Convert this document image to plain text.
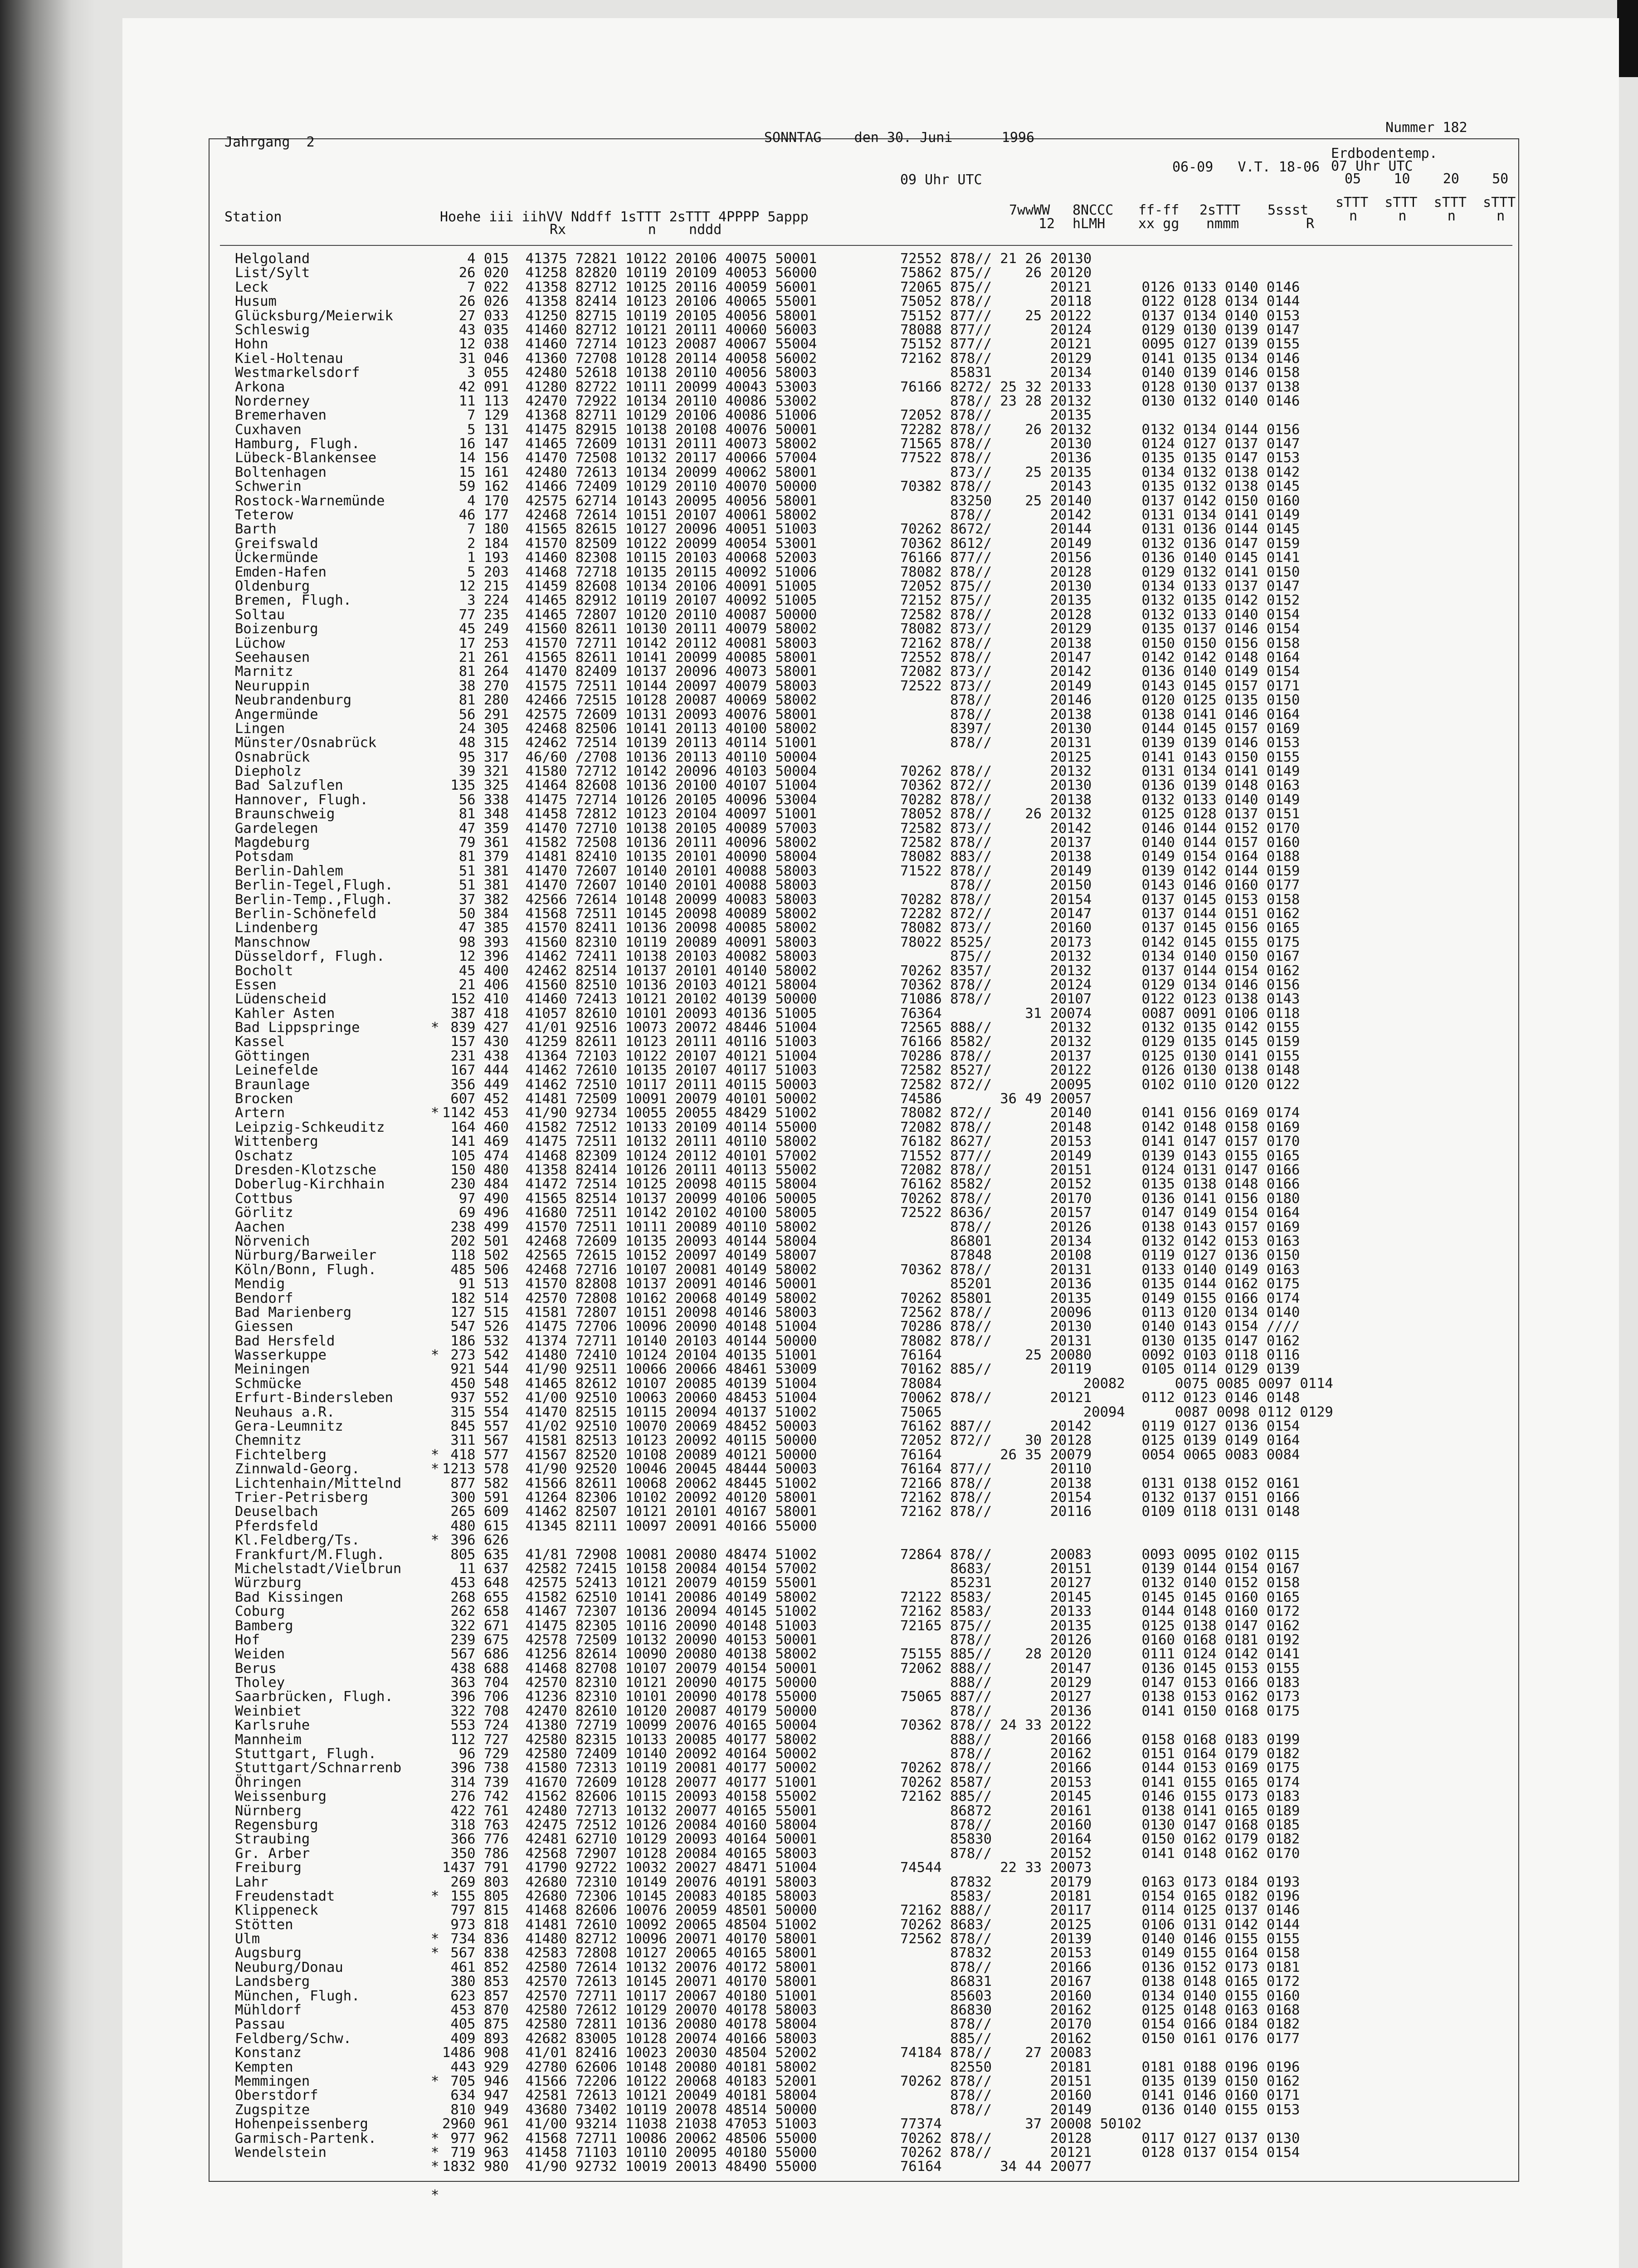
Jahrgang  2	SONNTAG    den 30. Juni      1996
Nummer 182
Erdbodentemp.
06-09   V.T. 18-06 07 Uhr UTC
05    10    20    50
09 Uhr UTC
Station	Hoehe iii iihVV Nddff 1sTTT 2sTTT 4PPPP 5appp
Rx          n    nddd
7wwWW
12
8NCCC
hLMH
ff-ff
xx gg
2sTTT
nmmm
5ssst
R
sTTT  sTTT  sTTT  sTTT
n     n     n     n
Helgoland
List/Sylt
Leck
Husum
Glücksburg/Meierwik
Schleswig
Hohn
Kiel-Holtenau
Westmarkelsdorf
Arkona
Norderney
Bremerhaven
Cuxhaven
Hamburg, Flugh.
Lübeck-Blankensee
Boltenhagen
Schwerin
Rostock-Warnemünde
Teterow
Barth
Greifswald
Ückermünde
Emden-Hafen
Oldenburg
Bremen, Flugh.
Soltau
Boizenburg
Lüchow
Seehausen
Marnitz
Neuruppin
Neubrandenburg
Angermünde
Lingen
Münster/Osnabrück
Osnabrück
Diepholz
Bad Salzuflen
Hannover, Flugh.
Braunschweig
Gardelegen
Magdeburg
Potsdam
Berlin-Dahlem
Berlin-Tegel,Flugh.
Berlin-Temp.,Flugh.
Berlin-Schönefeld
Lindenberg
Manschnow
Düsseldorf, Flugh.
Bocholt
Essen
Lüdenscheid
Kahler Asten
Bad Lippspringe
Kassel
Göttingen
Leinefelde
Braunlage
Brocken
Artern
Leipzig-Schkeuditz
Wittenberg
Oschatz
Dresden-Klotzsche
Doberlug-Kirchhain
Cottbus
Görlitz
Aachen
Nörvenich
Nürburg/Barweiler
Köln/Bonn, Flugh.
Mendig
Bendorf
Bad Marienberg
Giessen
Bad Hersfeld
Wasserkuppe
Meiningen
Schmücke
Erfurt-Bindersleben
Neuhaus a.R.
Gera-Leumnitz
Chemnitz
Fichtelberg
Zinnwald-Georg.
Lichtenhain/Mittelnd
Trier-Petrisberg
Deuselbach
Pferdsfeld
Kl.Feldberg/Ts.
Frankfurt/M.Flugh.
Michelstadt/Vielbrun
Würzburg
Bad Kissingen
Coburg
Bamberg
Hof
Weiden
Berus
Tholey
Saarbrücken, Flugh.
Weinbiet
Karlsruhe
Mannheim
Stuttgart, Flugh.
Stuttgart/Schnarrenb
Öhringen
Weissenburg
Nürnberg
Regensburg
Straubing
Gr. Arber
Freiburg
Lahr
Freudenstadt
Klippeneck
Stötten
Ulm
Augsburg
Neuburg/Donau
Landsberg
München, Flugh.
Mühldorf
Passau
Feldberg/Schw.
Konstanz
Kempten
Memmingen
Oberstdorf
Zugspitze
Hohenpeissenberg
Garmisch-Partenk.
Wendelstein
*
*
*
*
*
*
*
*
*
*
*
*
*
*
4 015  41375 72821 10122 20106 40075 50001          72552 878// 21 26 20130
26 020  41258 82820 10119 20109 40053 56000          75862 875//    26 20120
7 022  41358 82712 10125 20116 40059 56001          72065 875//       20121      0126 0133 0140 0146
26 026  41358 82414 10123 20106 40065 55001          75052 878//       20118      0122 0128 0134 0144
27 033  41250 82715 10119 20105 40056 58001          75152 877//    25 20122      0137 0134 0140 0153
43 035  41460 82712 10121 20111 40060 56003          78088 877//       20124      0129 0130 0139 0147
12 038  41460 72714 10123 20087 40067 55004          75152 877//       20121      0095 0127 0139 0155
31 046  41360 72708 10128 20114 40058 56002          72162 878//       20129      0141 0135 0134 0146
3 055  42480 52618 10138 20110 40056 58003                85831       20134      0140 0139 0146 0158
42 091  41280 82722 10111 20099 40043 53003          76166 8272/ 25 32 20133      0128 0130 0137 0138
11 113  42470 72922 10134 20110 40086 53002                878// 23 28 20132      0130 0132 0140 0146
7 129  41368 82711 10129 20106 40086 51006          72052 878//       20135
5 131  41475 82915 10138 20108 40076 50001          72282 878//    26 20132      0132 0134 0144 0156
16 147  41465 72609 10131 20111 40073 58002          71565 878//       20130      0124 0127 0137 0147
14 156  41470 72508 10132 20117 40066 57004          77522 878//       20136      0135 0135 0147 0153
15 161  42480 72613 10134 20099 40062 58001                873//    25 20135      0134 0132 0138 0142
59 162  41466 72409 10129 20110 40070 50000          70382 878//       20143      0135 0132 0138 0145
4 170  42575 62714 10143 20095 40056 58001                83250    25 20140      0137 0142 0150 0160
46 177  42468 72614 10151 20107 40061 58002                878//       20142      0131 0134 0141 0149
7 180  41565 82615 10127 20096 40051 51003          70262 8672/       20144      0131 0136 0144 0145
2 184  41570 82509 10122 20099 40054 53001          70362 8612/       20149      0132 0136 0147 0159
1 193  41460 82308 10115 20103 40068 52003          76166 877//       20156      0136 0140 0145 0141
5 203  41468 72718 10135 20115 40092 51006          78082 878//       20128      0129 0132 0141 0150
12 215  41459 82608 10134 20106 40091 51005          72052 875//       20130      0134 0133 0137 0147
3 224  41465 82912 10119 20107 40092 51005          72152 875//       20135      0132 0135 0142 0152
77 235  41465 72807 10120 20110 40087 50000          72582 878//       20128      0132 0133 0140 0154
45 249  41560 82611 10130 20111 40079 58002          78082 873//       20129      0135 0137 0146 0154
17 253  41570 72711 10142 20112 40081 58003          72162 878//       20138      0150 0150 0156 0158
21 261  41565 82611 10141 20099 40085 58001          72552 878//       20147      0142 0142 0148 0164
81 264  41470 82409 10137 20096 40073 58001          72082 873//       20142      0136 0140 0149 0154
38 270  41575 72511 10144 20097 40079 58003          72522 873//       20149      0143 0145 0157 0171
81 280  42466 72515 10128 20087 40069 58002                878//       20146      0120 0125 0135 0150
56 291  42575 72609 10131 20093 40076 58001                878//       20138      0138 0141 0146 0164
24 305  42468 82506 10141 20113 40100 58002                8397/       20130      0144 0145 0157 0169
48 315  42462 72514 10139 20113 40114 51001                878//       20131      0139 0139 0146 0153
95 317  46/60 /2708 10136 20113 40110 50004                            20125      0141 0143 0150 0155
39 321  41580 72712 10142 20096 40103 50004          70262 878//       20132      0131 0134 0141 0149
135 325  41464 82608 10136 20100 40107 51004          70362 872//       20130      0136 0139 0148 0163
56 338  41475 72714 10126 20105 40096 53004          70282 878//       20138      0132 0133 0140 0149
81 348  41458 72812 10123 20104 40097 51001          78052 878//    26 20132      0125 0128 0137 0151
47 359  41470 72710 10138 20105 40089 57003          72582 873//       20142      0146 0144 0152 0170
79 361  41582 72508 10136 20111 40096 58002          72582 878//       20137      0140 0144 0157 0160
81 379  41481 82410 10135 20101 40090 58004          78082 883//       20138      0149 0154 0164 0188
51 381  41470 72607 10140 20101 40088 58003          71522 878//       20149      0139 0142 0144 0159
51 381  41470 72607 10140 20101 40088 58003                878//       20150      0143 0146 0160 0177
37 382  42566 72614 10148 20099 40083 58003          70282 878//       20154      0137 0145 0153 0158
50 384  41568 72511 10145 20098 40089 58002          72282 872//       20147      0137 0144 0151 0162
47 385  41570 82411 10136 20098 40085 58002          78082 873//       20160      0137 0145 0156 0165
98 393  41560 82310 10119 20089 40091 58003          78022 8525/       20173      0142 0145 0155 0175
12 396  41462 72411 10138 20103 40082 58003                875//       20132      0134 0140 0150 0167
45 400  42462 82514 10137 20101 40140 58002          70262 8357/       20132      0137 0144 0154 0162
21 406  41560 82510 10136 20103 40121 58004          70362 878//       20124      0129 0134 0146 0156
152 410  41460 72413 10121 20102 40139 50000          71086 878//       20107      0122 0123 0138 0143
387 418  41057 82610 10101 20093 40136 51005          76364          31 20074      0087 0091 0106 0118
839 427  41/01 92516 10073 20072 48446 51004          72565 888//       20132      0132 0135 0142 0155
157 430  41259 82611 10123 20111 40116 51003          76166 8582/       20132      0129 0135 0145 0159
231 438  41364 72103 10122 20107 40121 51004          70286 878//       20137      0125 0130 0141 0155
167 444  41462 72610 10135 20107 40117 51003          72582 8527/       20122      0126 0130 0138 0148
356 449  41462 72510 10117 20111 40115 50003          72582 872//       20095      0102 0110 0120 0122
607 452  41481 72509 10091 20079 40101 50002          74586       36 49 20057
1142 453  41/90 92734 10055 20055 48429 51002          78082 872//       20140      0141 0156 0169 0174
164 460  41582 72512 10133 20109 40114 55000          72082 878//       20148      0142 0148 0158 0169
141 469  41475 72511 10132 20111 40110 58002          76182 8627/       20153      0141 0147 0157 0170
105 474  41468 82309 10124 20112 40101 57002          71552 877//       20149      0139 0143 0155 0165
150 480  41358 82414 10126 20111 40113 55002          72082 878//       20151      0124 0131 0147 0166
230 484  41472 72514 10125 20098 40115 58004          76162 8582/       20152      0135 0138 0148 0166
97 490  41565 82514 10137 20099 40106 50005          70262 878//       20170      0136 0141 0156 0180
69 496  41680 72511 10142 20102 40100 58005          72522 8636/       20157      0147 0149 0154 0164
238 499  41570 72511 10111 20089 40110 58002                878//       20126      0138 0143 0157 0169
202 501  42468 72609 10135 20093 40144 58004                86801       20134      0132 0142 0153 0163
118 502  42565 72615 10152 20097 40149 58007                87848       20108      0119 0127 0136 0150
485 506  42468 72716 10107 20081 40149 58002          70362 878//       20131      0133 0140 0149 0163
91 513  41570 82808 10137 20091 40146 50001                85201       20136      0135 0144 0162 0175
182 514  42570 72808 10162 20068 40149 58002          70262 85801       20135      0149 0155 0166 0174
127 515  41581 72807 10151 20098 40146 58003          72562 878//       20096      0113 0120 0134 0140
547 526  41475 72706 10096 20090 40148 51004          70286 878//       20130      0140 0143 0154 ////
186 532  41374 72711 10140 20103 40144 50000          78082 878//       20131      0130 0135 0147 0162
273 542  41480 72410 10124 20104 40135 51001          76164          25 20080      0092 0103 0118 0116
921 544  41/90 92511 10066 20066 48461 53009          70162 885//       20119      0105 0114 0129 0139
450 548  41465 82612 10107 20085 40139 51004          78084                 20082      0075 0085 0097 0114
937 552  41/00 92510 10063 20060 48453 51004          70062 878//       20121      0112 0123 0146 0148
315 554  41470 82515 10115 20094 40137 51002          75065                 20094      0087 0098 0112 0129
845 557  41/02 92510 10070 20069 48452 50003          76162 887//       20142      0119 0127 0136 0154
311 567  41581 82513 10123 20092 40115 50000          72052 872//    30 20128      0125 0139 0149 0164
418 577  41567 82520 10108 20089 40121 50000          76164       26 35 20079      0054 0065 0083 0084
1213 578  41/90 92520 10046 20045 48444 50003          76164 877//       20110
877 582  41566 82611 10068 20062 48445 51002          72166 878//       20138      0131 0138 0152 0161
300 591  41264 82306 10102 20092 40120 58001          72162 878//       20154      0132 0137 0151 0166
265 609  41462 82507 10121 20101 40167 58001          72162 878//       20116      0109 0118 0131 0148
480 615  41345 82111 10097 20091 40166 55000
396 626
805 635  41/81 72908 10081 20080 48474 51002          72864 878//       20083      0093 0095 0102 0115
11 637  42582 72415 10158 20084 40154 57002                8683/       20151      0139 0144 0154 0167
453 648  42575 52413 10121 20079 40159 55001                85231       20127      0132 0140 0152 0158
268 655  41582 62510 10141 20086 40149 58002          72122 8583/       20145      0145 0145 0160 0165
262 658  41467 72307 10136 20094 40145 51002          72162 8583/       20133      0144 0148 0160 0172
322 671  41475 82305 10116 20090 40148 51003          72165 875//       20135      0125 0138 0147 0162
239 675  42578 72509 10132 20090 40153 50001                878//       20126      0160 0168 0181 0192
567 686  41256 82614 10090 20080 40138 58002          75155 885//    28 20120      0111 0124 0142 0141
438 688  41468 82708 10107 20079 40154 50001          72062 888//       20147      0136 0145 0153 0155
363 704  42570 82310 10121 20090 40175 50000                888//       20129      0147 0153 0166 0183
396 706  41236 82310 10101 20090 40178 55000          75065 887//       20127      0138 0153 0162 0173
322 708  42470 82610 10120 20087 40179 50000                878//       20136      0141 0150 0168 0175
553 724  41380 72719 10099 20076 40165 50004          70362 878// 24 33 20122
112 727  42580 82315 10133 20085 40177 58002                888//       20166      0158 0168 0183 0199
96 729  42580 72409 10140 20092 40164 50002                878//       20162      0151 0164 0179 0182
396 738  41580 72313 10119 20081 40177 50002          70262 878//       20166      0144 0153 0169 0175
314 739  41670 72609 10128 20077 40177 51001          70262 8587/       20153      0141 0155 0165 0174
276 742  41562 82606 10115 20093 40158 55002          72162 885//       20145      0146 0155 0173 0183
422 761  42480 72713 10132 20077 40165 55001                86872       20161      0138 0141 0165 0189
318 763  42475 72512 10126 20084 40160 58004                878//       20160      0130 0147 0168 0185
366 776  42481 62710 10129 20093 40164 50001                85830       20164      0150 0162 0179 0182
350 786  42568 72907 10128 20084 40165 58003                878//       20152      0141 0148 0162 0170
1437 791  41790 92722 10032 20027 48471 51004          74544       22 33 20073
269 803  42680 72310 10149 20076 40191 58003                87832       20179      0163 0173 0184 0193
155 805  42680 72306 10145 20083 40185 58003                8583/       20181      0154 0165 0182 0196
797 815  41468 82606 10076 20059 48501 50000          72162 888//       20117      0114 0125 0137 0146
973 818  41481 72610 10092 20065 48504 51002          70262 8683/       20125      0106 0131 0142 0144
734 836  41480 82712 10096 20071 40170 58001          72562 878//       20139      0140 0146 0155 0155
567 838  42583 72808 10127 20065 40165 58001                87832       20153      0149 0155 0164 0158
461 852  42580 72614 10132 20076 40172 58001                878//       20166      0136 0152 0173 0181
380 853  42570 72613 10145 20071 40170 58001                86831       20167      0138 0148 0165 0172
623 857  42570 72711 10117 20067 40180 51001                85603       20160      0134 0140 0155 0160
453 870  42580 72612 10129 20070 40178 58003                86830       20162      0125 0148 0163 0168
405 875  42580 72811 10136 20080 40178 58004                878//       20170      0154 0166 0184 0182
409 893  42682 83005 10128 20074 40166 58003                885//       20162      0150 0161 0176 0177
1486 908  41/01 82416 10023 20030 48504 52002          74184 878//    27 20083
443 929  42780 62606 10148 20080 40181 58002                82550       20181      0181 0188 0196 0196
705 946  41566 72206 10122 20068 40183 52001          70262 878//       20151      0135 0139 0150 0162
634 947  42581 72613 10121 20049 40181 58004                878//       20160      0141 0146 0160 0171
810 949  43680 73402 10119 20078 48514 50000                878//       20149      0136 0140 0155 0153
2960 961  41/00 93214 11038 21038 47053 51003          77374          37 20008 50102
977 962  41568 72711 10086 20062 48506 55000          70262 878//       20128      0117 0127 0137 0130
719 963  41458 71103 10110 20095 40180 55000          70262 878//       20121      0128 0137 0154 0154
1832 980  41/90 92732 10019 20013 48490 55000          76164       34 44 20077
